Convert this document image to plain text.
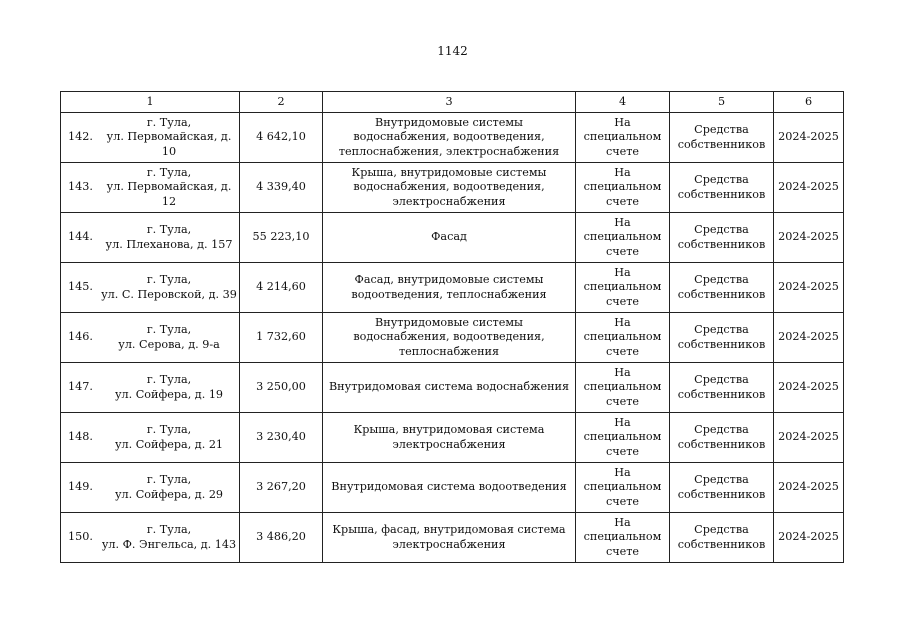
1142
1	2	3	4	5	6

142.
г. Тула,
ул. Первомайская, д. 10	4 642,10	Внутридомовые системы водоснабжения, водоотведения, теплоснабжения, электроснабжения	На специальном счете	Средства собственников	2024-2025

143.
г. Тула,
ул. Первомайская, д. 12	4 339,40	Крыша, внутридомовые системы водоснабжения, водоотведения, электроснабжения	На специальном счете	Средства собственников	2024-2025

144.
г. Тула,
ул. Плеханова, д. 157	55 223,10	Фасад	На специальном счете	Средства собственников	2024-2025

145.
г. Тула,
ул. С. Перовской, д. 39	4 214,60	Фасад, внутридомовые системы водоотведения, теплоснабжения	На специальном счете	Средства собственников	2024-2025

146.
г. Тула,
ул. Серова, д. 9-а	1 732,60	Внутридомовые системы водоснабжения, водоотведения, теплоснабжения	На специальном счете	Средства собственников	2024-2025

147.
г. Тула,
ул. Сойфера, д. 19	3 250,00	Внутридомовая система водоснабжения	На специальном счете	Средства собственников	2024-2025

148.
г. Тула,
ул. Сойфера, д. 21	3 230,40	Крыша, внутридомовая система электроснабжения	На специальном счете	Средства собственников	2024-2025

149.
г. Тула,
ул. Сойфера, д. 29	3 267,20	Внутридомовая система водоотведения	На специальном счете	Средства собственников	2024-2025

150.
г. Тула,
ул. Ф. Энгельса, д. 143	3 486,20	Крыша, фасад, внутридомовая система электроснабжения	На специальном счете	Средства собственников	2024-2025
